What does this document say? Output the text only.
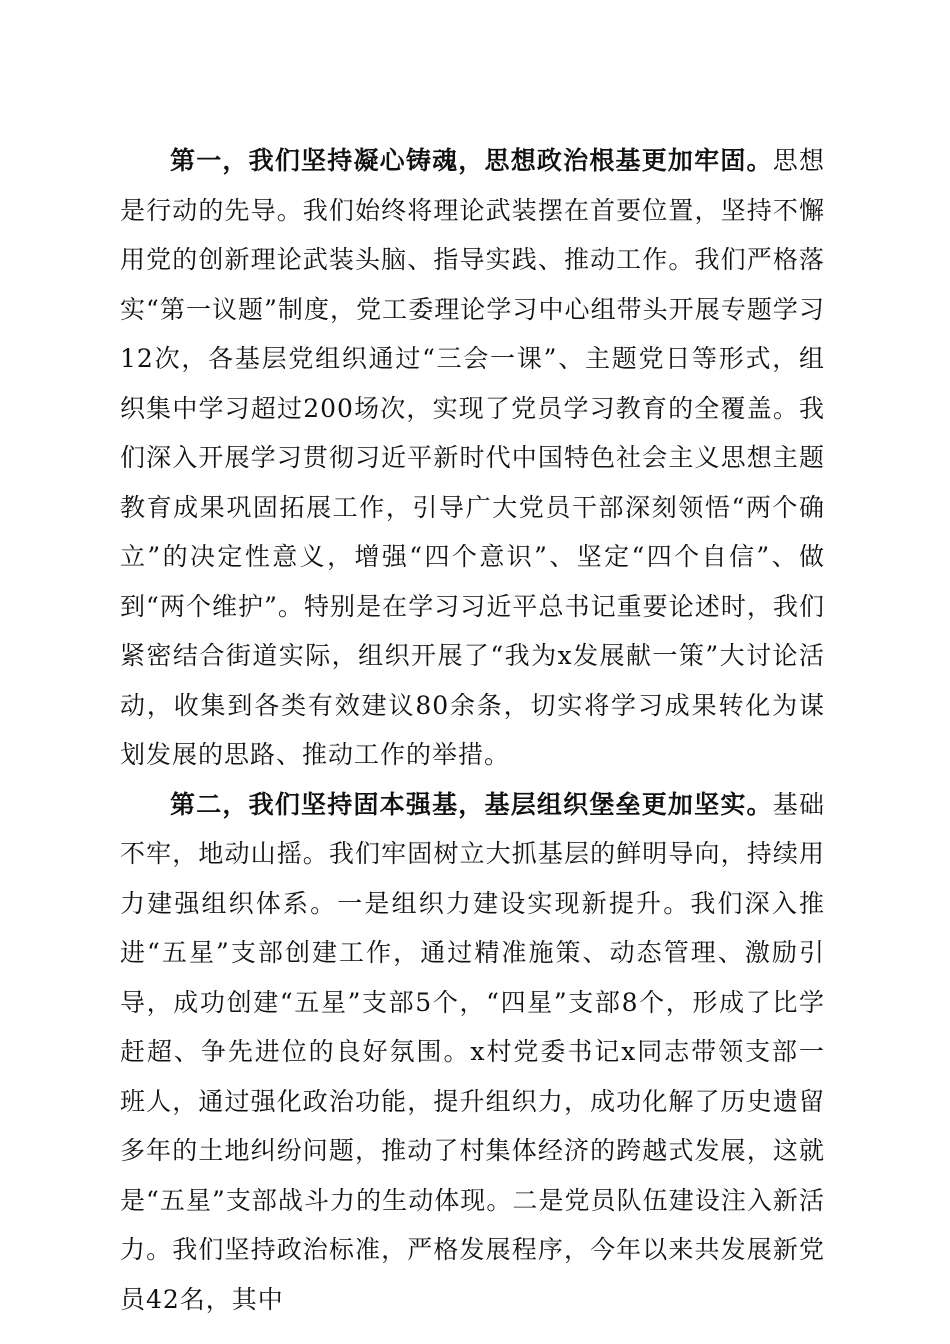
第一，我们坚持凝心铸魂，思想政治根基更加牢固。思想是行动的先导。我们始终将理论武装摆在首要位置，坚持不懈用党的创新理论武装头脑、指导实践、推动工作。我们严格落实“第一议题”制度，党工委理论学习中心组带头开展专题学习12次，各基层党组织通过“三会一课”、主题党日等形式，组织集中学习超过200场次，实现了党员学习教育的全覆盖。我们深入开展学习贯彻习近平新时代中国特色社会主义思想主题教育成果巩固拓展工作，引导广大党员干部深刻领悟“两个确立”的决定性意义，增强“四个意识”、坚定“四个自信”、做到“两个维护”。特别是在学习习近平总书记重要论述时，我们紧密结合街道实际，组织开展了“我为x发展献一策”大讨论活动，收集到各类有效建议80余条，切实将学习成果转化为谋划发展的思路、推动工作的举措。

第二，我们坚持固本强基，基层组织堡垒更加坚实。基础不牢，地动山摇。我们牢固树立大抓基层的鲜明导向，持续用力建强组织体系。一是组织力建设实现新提升。我们深入推进“五星”支部创建工作，通过精准施策、动态管理、激励引导，成功创建“五星”支部5个，“四星”支部8个，形成了比学赶超、争先进位的良好氛围。x村党委书记x同志带领支部一班人，通过强化政治功能，提升组织力，成功化解了历史遗留多年的土地纠纷问题，推动了村集体经济的跨越式发展，这就是“五星”支部战斗力的生动体现。二是党员队伍建设注入新活力。我们坚持政治标准，严格发展程序，今年以来共发展新党员42名，其中
